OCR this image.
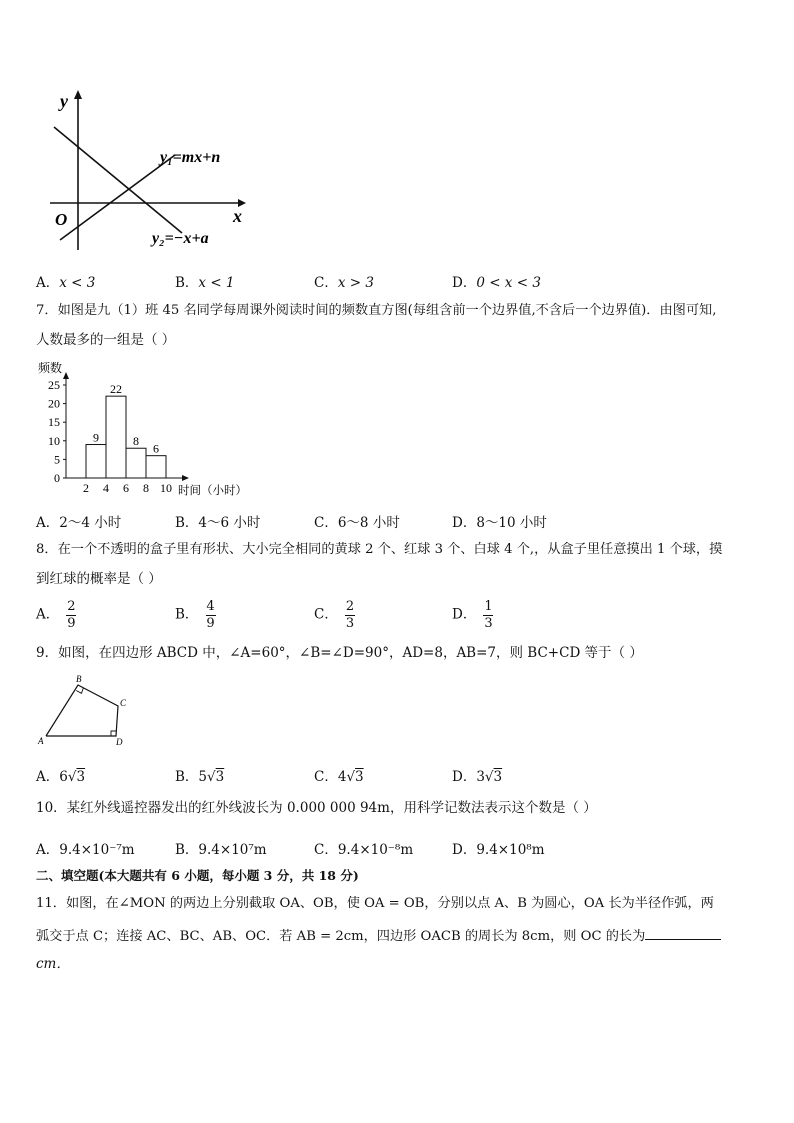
y
x
O
y₁=mx+n
y₂=−x+a
A．x < 3	B．x < 1	C．x > 3	D．0 < x < 3
7．如图是九（1）班 45 名同学每周课外阅读时间的频数直方图(每组含前一个边界值,不含后一个边界值)．由图可知,
人数最多的一组是（ ）
频数
25
20
15
10
5
0
9
22
8
6
2 4 6 8 10 时间（小时）
A．2～4 小时	B．4～6 小时	C．6～8 小时	D．8～10 小时
8．在一个不透明的盒子里有形状、大小完全相同的黄球 2 个、红球 3 个、白球 4 个,，从盒子里任意摸出 1 个球，摸
到红球的概率是（ ）
A． $\frac{2}{9}$	B． $\frac{4}{9}$	C． $\frac{2}{3}$	D． $\frac{1}{3}$
9．如图，在四边形 ABCD 中，∠A=60°，∠B=∠D=90°，AD=8，AB=7，则 BC+CD 等于（ ）
A
B
C
D
A．6√3	B．5√3	C．4√3	D．3√3
10．某红外线遥控器发出的红外线波长为 0.000 000 94m，用科学记数法表示这个数是（ ）
A．9.4×10⁻⁷m	B．9.4×10⁷m	C．9.4×10⁻⁸m	D．9.4×10⁸m
二、填空题(本大题共有 6 小题，每小题 3 分，共 18 分)
11．如图，在∠MON 的两边上分别截取 OA、OB，使 OA = OB，分别以点 A、B 为圆心，OA 长为半径作弧，两
弧交于点 C；连接 AC、BC、AB、OC．若 AB = 2cm，四边形 OACB 的周长为 8cm，则 OC 的长为
cm．
